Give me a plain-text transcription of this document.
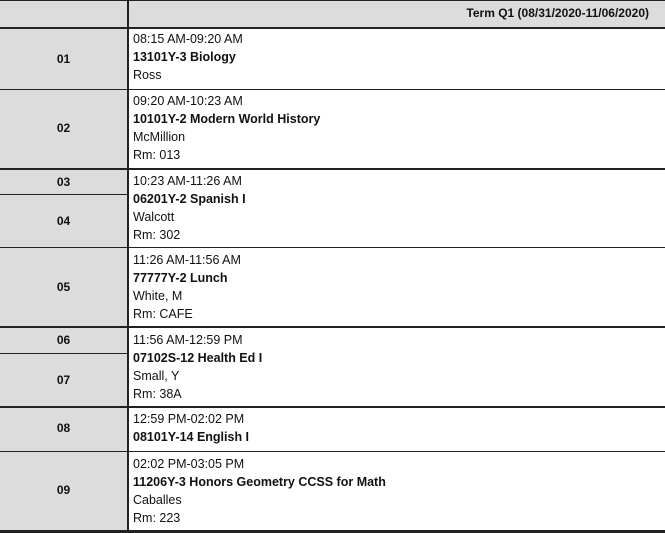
Term Q1 (08/31/2020-11/06/2020)
01
02
03
04
05
06
07
08
09
08:15 AM-09:20 AM
13101Y-3 Biology
Ross
09:20 AM-10:23 AM
10101Y-2 Modern World History
McMillion
Rm: 013
10:23 AM-11:26 AM
06201Y-2 Spanish I
Walcott
Rm: 302
11:26 AM-11:56 AM
77777Y-2 Lunch
White, M
Rm: CAFE
11:56 AM-12:59 PM
07102S-12 Health Ed I
Small, Y
Rm: 38A
12:59 PM-02:02 PM
08101Y-14 English I
02:02 PM-03:05 PM
11206Y-3 Honors Geometry CCSS for Math
Caballes
Rm: 223
